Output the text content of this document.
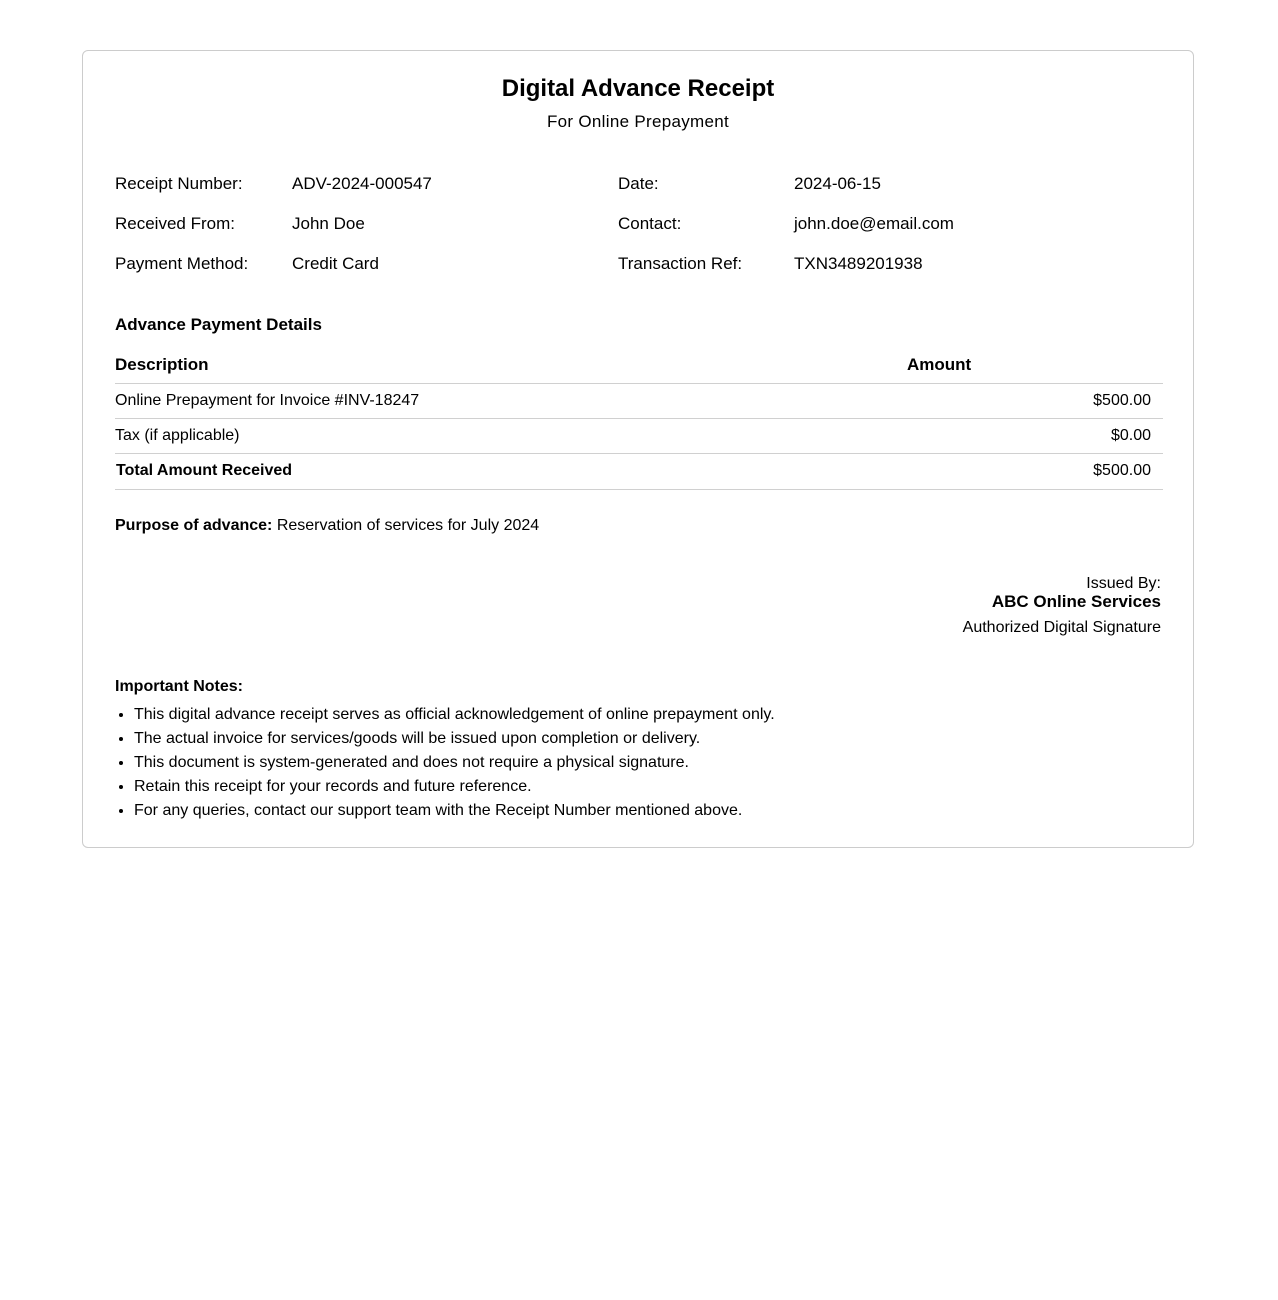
Digital Advance Receipt
For Online Prepayment
Receipt Number:	ADV-2024-000547	Date:	2024-06-15
Received From:	John Doe	Contact:	john.doe@email.com
Payment Method:	Credit Card	Transaction Ref:	TXN3489201938
Advance Payment Details
Description	Amount
Online Prepayment for Invoice #INV-18247	$500.00
Tax (if applicable)	$0.00
Total Amount Received	$500.00
Purpose of advance: Reservation of services for July 2024
Issued By:
ABC Online Services
Authorized Digital Signature
Important Notes:
• This digital advance receipt serves as official acknowledgement of online prepayment only.
• The actual invoice for services/goods will be issued upon completion or delivery.
• This document is system-generated and does not require a physical signature.
• Retain this receipt for your records and future reference.
• For any queries, contact our support team with the Receipt Number mentioned above.
